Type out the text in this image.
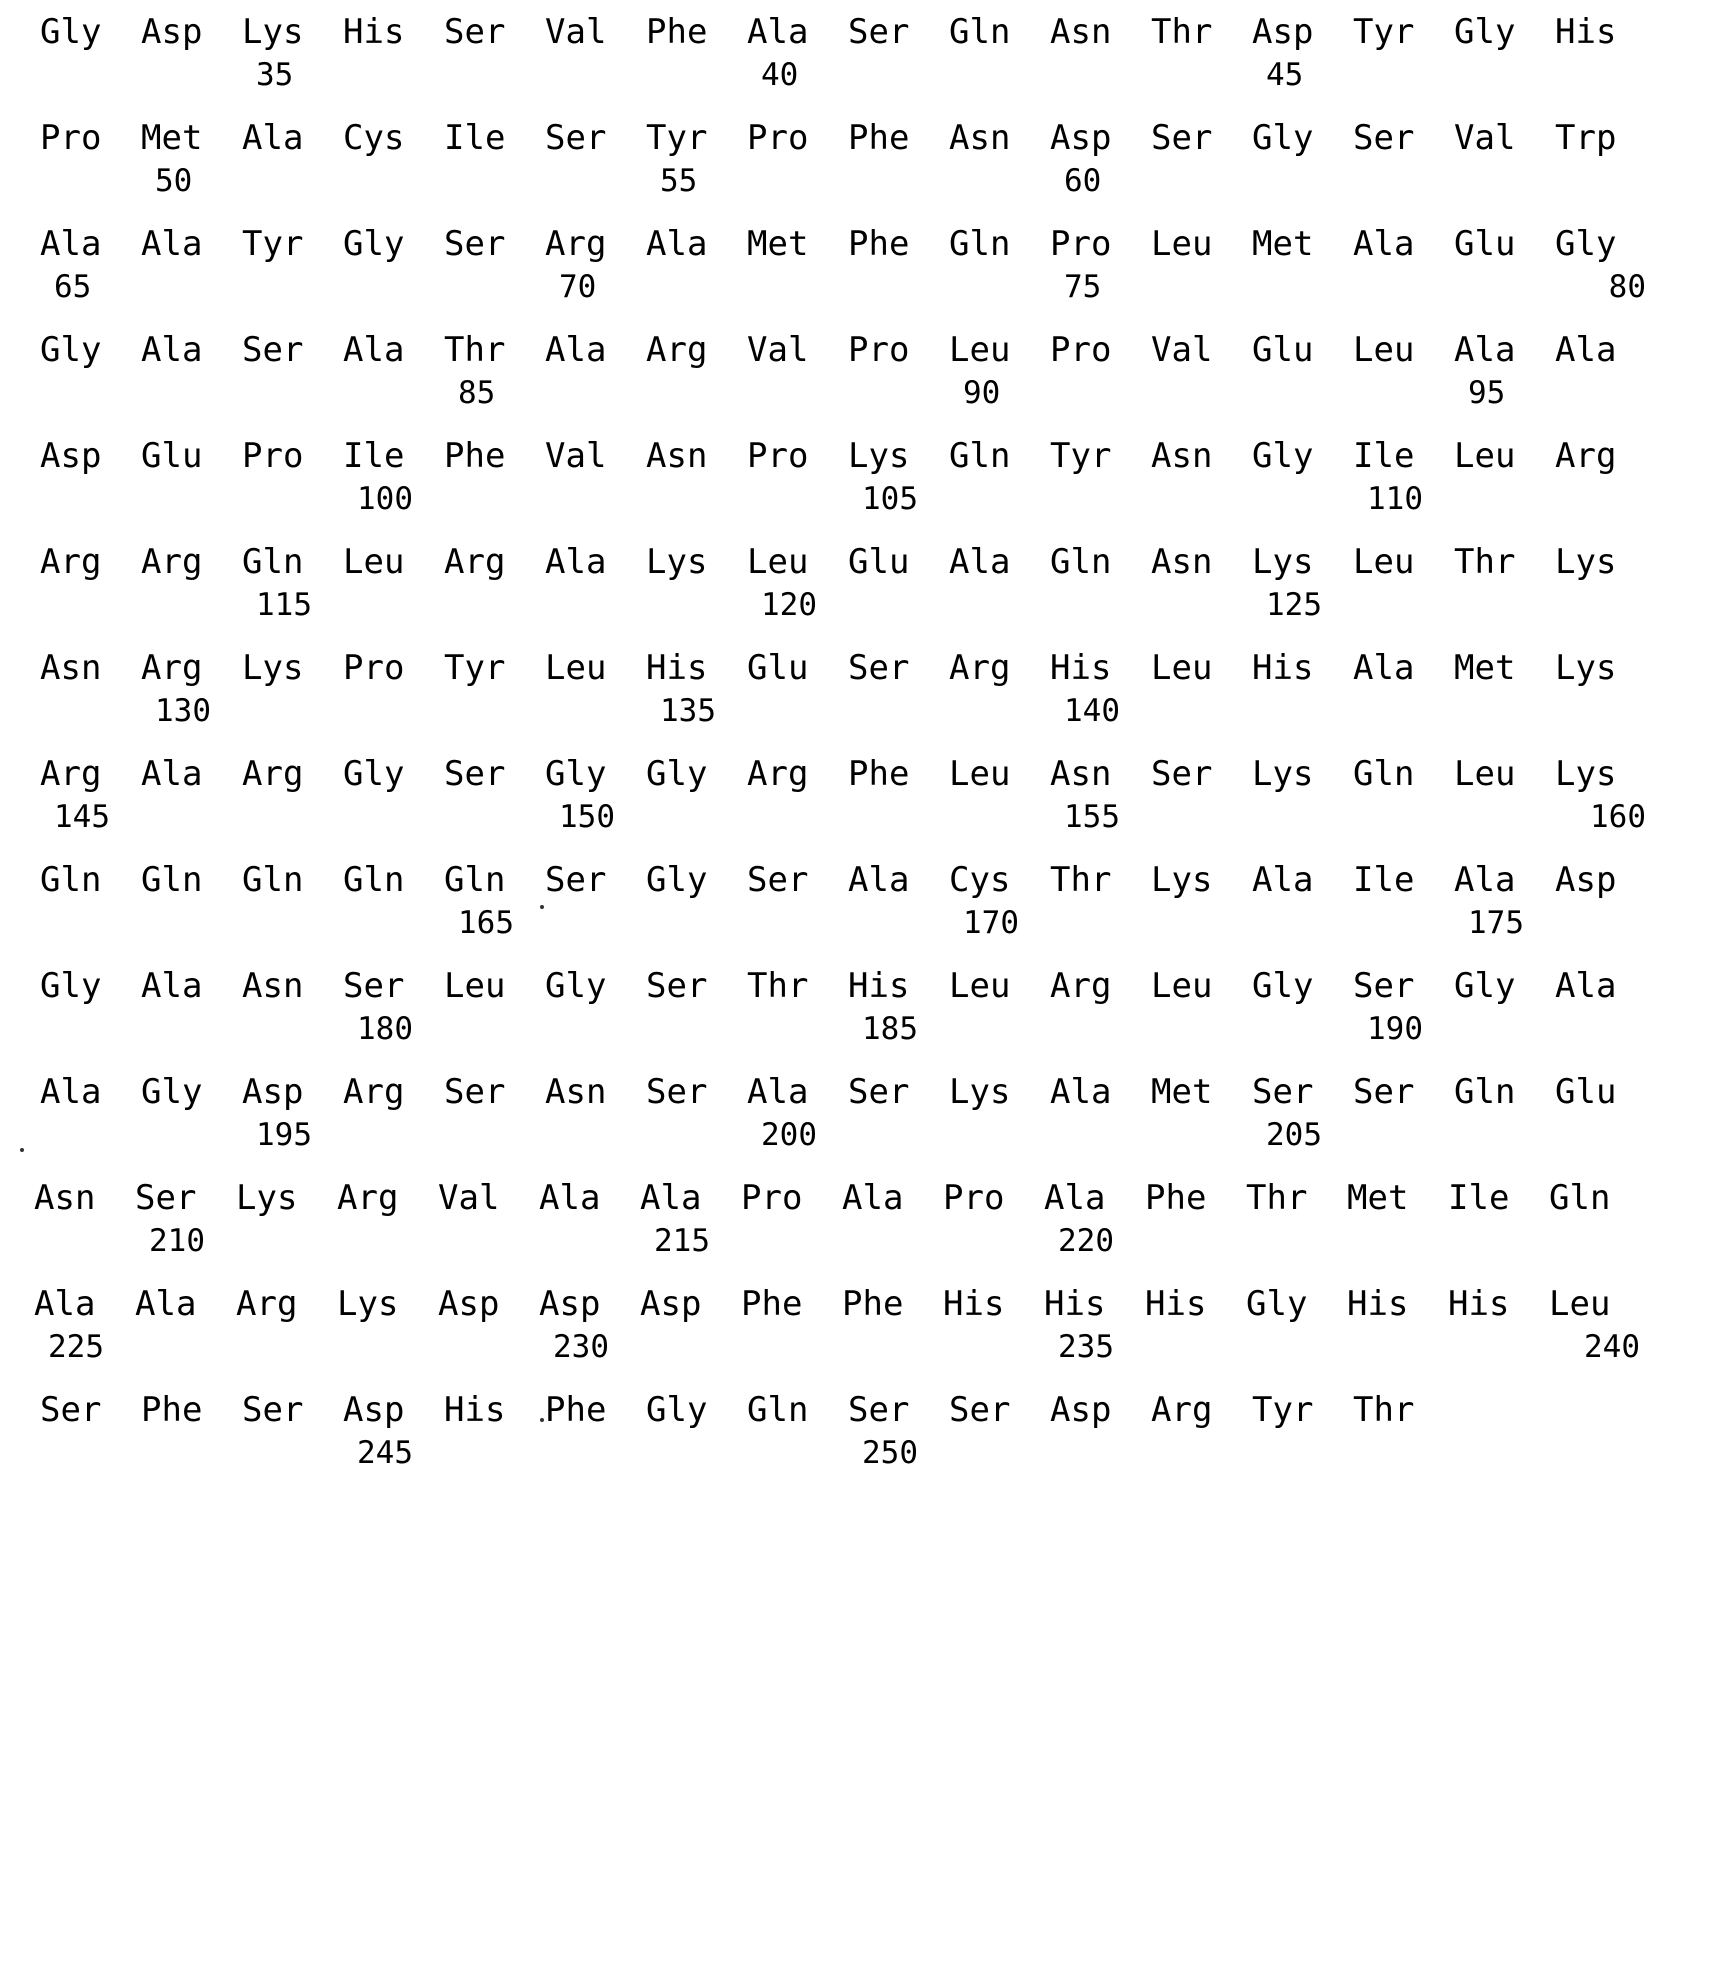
Gly	Asp	Lys	His	Ser	Val	Phe	Ala	Ser	Gln	Asn	Thr	Asp	Tyr	Gly	His
35	40	45
Pro	Met	Ala	Cys	Ile	Ser	Tyr	Pro	Phe	Asn	Asp	Ser	Gly	Ser	Val	Trp
50	55	60
Ala	Ala	Tyr	Gly	Ser	Arg	Ala	Met	Phe	Gln	Pro	Leu	Met	Ala	Glu	Gly
65	70	75	80
Gly	Ala	Ser	Ala	Thr	Ala	Arg	Val	Pro	Leu	Pro	Val	Glu	Leu	Ala	Ala
85	90	95
Asp	Glu	Pro	Ile	Phe	Val	Asn	Pro	Lys	Gln	Tyr	Asn	Gly	Ile	Leu	Arg
100	105	110
Arg	Arg	Gln	Leu	Arg	Ala	Lys	Leu	Glu	Ala	Gln	Asn	Lys	Leu	Thr	Lys
115	120	125
Asn	Arg	Lys	Pro	Tyr	Leu	His	Glu	Ser	Arg	His	Leu	His	Ala	Met	Lys
130	135	140
Arg	Ala	Arg	Gly	Ser	Gly	Gly	Arg	Phe	Leu	Asn	Ser	Lys	Gln	Leu	Lys
145	150	155	160
Gln	Gln	Gln	Gln	Gln	Ser	Gly	Ser	Ala	Cys	Thr	Lys	Ala	Ile	Ala	Asp
165	170	175
Gly	Ala	Asn	Ser	Leu	Gly	Ser	Thr	His	Leu	Arg	Leu	Gly	Ser	Gly	Ala
180	185	190
Ala	Gly	Asp	Arg	Ser	Asn	Ser	Ala	Ser	Lys	Ala	Met	Ser	Ser	Gln	Glu
195	200	205
Asn	Ser	Lys	Arg	Val	Ala	Ala	Pro	Ala	Pro	Ala	Phe	Thr	Met	Ile	Gln
210	215	220
Ala	Ala	Arg	Lys	Asp	Asp	Asp	Phe	Phe	His	His	His	Gly	His	His	Leu
225	230	235	240
Ser	Phe	Ser	Asp	His	Phe	Gly	Gln	Ser	Ser	Asp	Arg	Tyr	Thr
245	250
